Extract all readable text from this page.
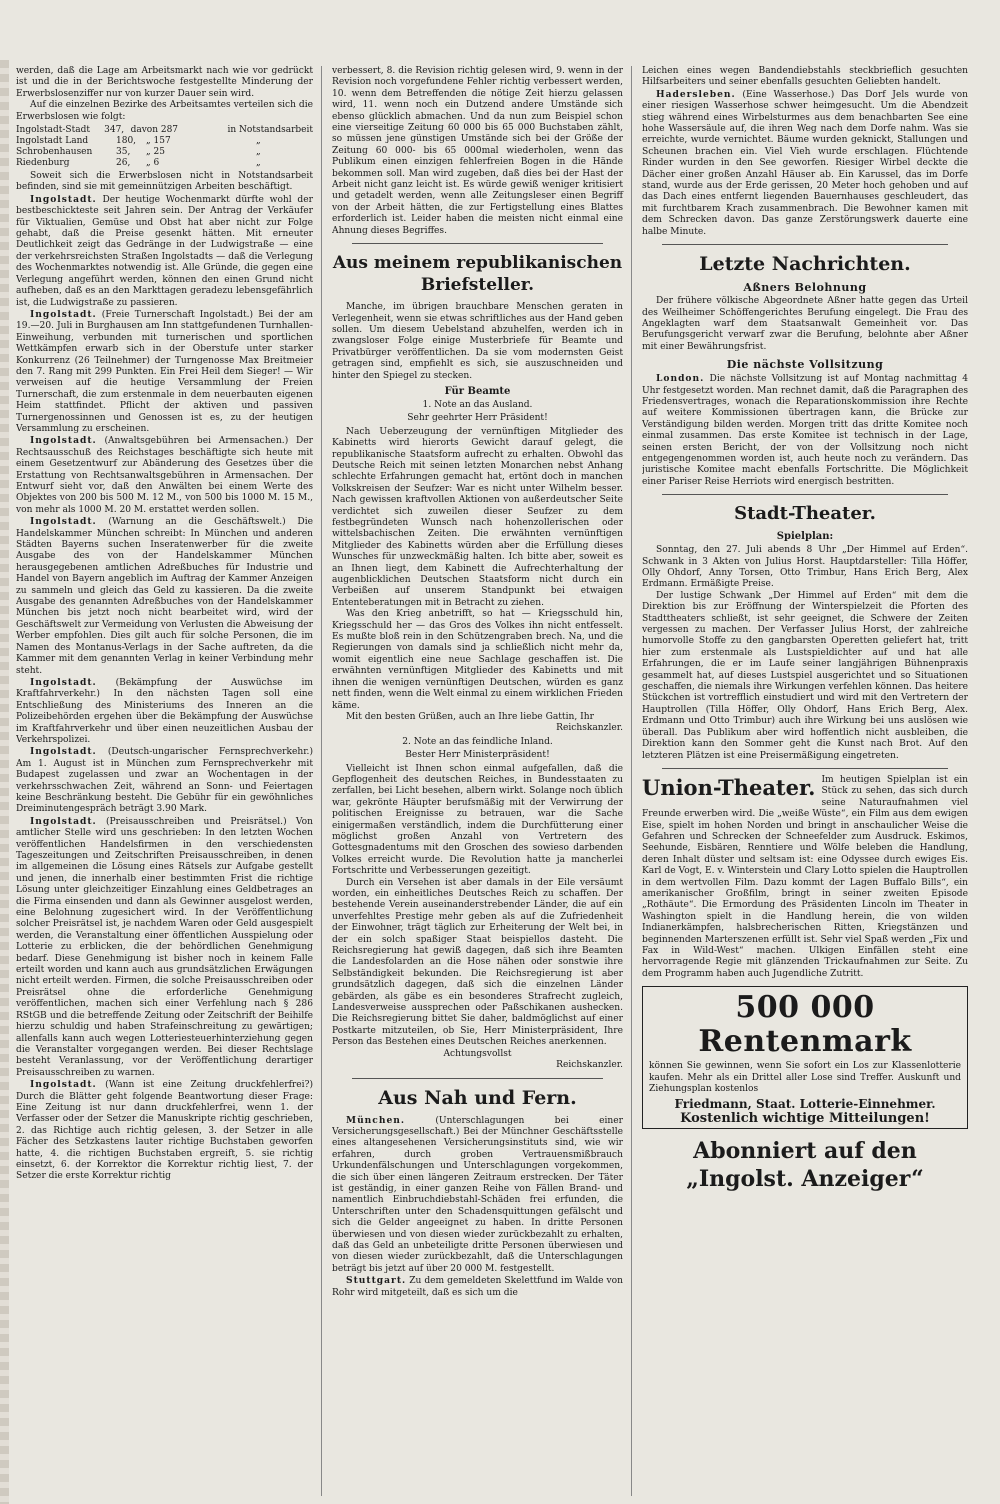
werden, daß die Lage am Arbeitsmarkt nach wie vor gedrückt ist und die in der Berichtswoche festgestellte Minderung der Erwerbslosenziffer nur von kurzer Dauer sein wird.

Auf die einzelnen Bezirke des Arbeitsamtes verteilen sich die Erwerbslosen wie folgt:

Ingolstadt-Stadt	347, davon 287	in Notstandsarbeit
Ingolstadt Land	180,	„ 157	„
Schrobenhausen	35,	„ 25	„
Riedenburg	26,	„ 6	„

Soweit sich die Erwerbslosen nicht in Notstandsarbeit befinden, sind sie mit gemeinnützigen Arbeiten beschäftigt.

Ingolstadt. Der heutige Wochenmarkt dürfte wohl der bestbeschickteste seit Jahren sein. Der Antrag der Verkäufer für Viktualien, Gemüse und Obst hat aber nicht zur Folge gehabt, daß die Preise gesenkt hätten. Mit erneuter Deutlichkeit zeigt das Gedränge in der Ludwigstraße — eine der verkehrsreichsten Straßen Ingolstadts — daß die Verlegung des Wochenmarktes notwendig ist. Alle Gründe, die gegen eine Verlegung angeführt werden, können den einen Grund nicht aufheben, daß es an den Markttagen geradezu lebensgefährlich ist, die Ludwigstraße zu passieren.

Ingolstadt. (Freie Turnerschaft Ingolstadt.) Bei der am 19.—20. Juli in Burghausen am Inn stattgefundenen Turnhallen-Einweihung, verbunden mit turnerischen und sportlichen Wettkämpfen erwarb sich in der Oberstufe unter starker Konkurrenz (26 Teilnehmer) der Turngenosse Max Breitmeier den 7. Rang mit 299 Punkten. Ein Frei Heil dem Sieger! — Wir verweisen auf die heutige Versammlung der Freien Turnerschaft, die zum erstenmale in dem neuerbauten eigenen Heim stattfindet. Pflicht der aktiven und passiven Turnergenossinnen und Genossen ist es, zu der heutigen Versammlung zu erscheinen.

Ingolstadt. (Anwaltsgebühren bei Armensachen.) Der Rechtsausschuß des Reichstages beschäftigte sich heute mit einem Gesetzentwurf zur Abänderung des Gesetzes über die Erstattung von Rechtsanwaltsgebühren in Armensachen. Der Entwurf sieht vor, daß den Anwälten bei einem Werte des Objektes von 200 bis 500 M. 12 M., von 500 bis 1000 M. 15 M., von mehr als 1000 M. 20 M. erstattet werden sollen.

Ingolstadt. (Warnung an die Geschäftswelt.) Die Handelskammer München schreibt: In München und anderen Städten Bayerns suchen Inseratenwerber für die zweite Ausgabe des von der Handelskammer München herausgegebenen amtlichen Adreßbuches für Industrie und Handel von Bayern angeblich im Auftrag der Kammer Anzeigen zu sammeln und gleich das Geld zu kassieren. Da die zweite Ausgabe des genannten Adreßbuches von der Handelskammer München bis jetzt noch nicht bearbeitet wird, wird der Geschäftswelt zur Vermeidung von Verlusten die Abweisung der Werber empfohlen. Dies gilt auch für solche Personen, die im Namen des Montanus-Verlags in der Sache auftreten, da die Kammer mit dem genannten Verlag in keiner Verbindung mehr steht.

Ingolstadt. (Bekämpfung der Auswüchse im Kraftfahrverkehr.) In den nächsten Tagen soll eine Entschließung des Ministeriums des Inneren an die Polizeibehörden ergehen über die Bekämpfung der Auswüchse im Kraftfahrverkehr und über einen neuzeitlichen Ausbau der Verkehrspolizei.

Ingolstadt. (Deutsch-ungarischer Fernsprechverkehr.) Am 1. August ist in München zum Fernsprechverkehr mit Budapest zugelassen und zwar an Wochentagen in der verkehrsschwachen Zeit, während an Sonn- und Feiertagen keine Beschränkung besteht. Die Gebühr für ein gewöhnliches Dreiminutengespräch beträgt 3.90 Mark.

Ingolstadt. (Preisausschreiben und Preisrätsel.) Von amtlicher Stelle wird uns geschrieben: In den letzten Wochen veröffentlichen Handelsfirmen in den verschiedensten Tageszeitungen und Zeitschriften Preisausschreiben, in denen im allgemeinen die Lösung eines Rätsels zur Aufgabe gestellt und jenen, die innerhalb einer bestimmten Frist die richtige Lösung unter gleichzeitiger Einzahlung eines Geldbetrages an die Firma einsenden und dann als Gewinner ausgelost werden, eine Belohnung zugesichert wird. In der Veröffentlichung solcher Preisrätsel ist, je nachdem Waren oder Geld ausgespielt werden, die Veranstaltung einer öffentlichen Ausspielung oder Lotterie zu erblicken, die der behördlichen Genehmigung bedarf. Diese Genehmigung ist bisher noch in keinem Falle erteilt worden und kann auch aus grundsätzlichen Erwägungen nicht erteilt werden. Firmen, die solche Preisausschreiben oder Preisrätsel ohne die erforderliche Genehmigung veröffentlichen, machen sich einer Verfehlung nach § 286 RStGB und die betreffende Zeitung oder Zeitschrift der Beihilfe hierzu schuldig und haben Strafeinschreitung zu gewärtigen; allenfalls kann auch wegen Lotteriesteuerhinterziehung gegen die Veranstalter vorgegangen werden. Bei dieser Rechtslage besteht Veranlassung, vor der Veröffentlichung derartiger Preisausschreiben zu warnen.

Ingolstadt. (Wann ist eine Zeitung druckfehlerfrei?) Durch die Blätter geht folgende Beantwortung dieser Frage: Eine Zeitung ist nur dann druckfehlerfrei, wenn 1. der Verfasser oder der Setzer die Manuskripte richtig geschrieben, 2. das Richtige auch richtig gelesen, 3. der Setzer in alle Fächer des Setzkastens lauter richtige Buchstaben geworfen hatte, 4. die richtigen Buchstaben ergreift, 5. sie richtig einsetzt, 6. der Korrektor die Korrektur richtig liest, 7. der Setzer die erste Korrektur richtig

verbessert, 8. die Revision richtig gelesen wird, 9. wenn in der Revision noch vorgefundene Fehler richtig verbessert werden, 10. wenn dem Betreffenden die nötige Zeit hierzu gelassen wird, 11. wenn noch ein Dutzend andere Umstände sich ebenso glücklich abmachen. Und da nun zum Beispiel schon eine vierseitige Zeitung 60 000 bis 65 000 Buchstaben zählt, so müssen jene günstigen Umstände sich bei der Größe der Zeitung 60 000- bis 65 000mal wiederholen, wenn das Publikum einen einzigen fehlerfreien Bogen in die Hände bekommen soll. Man wird zugeben, daß dies bei der Hast der Arbeit nicht ganz leicht ist. Es würde gewiß weniger kritisiert und getadelt werden, wenn alle Zeitungsleser einen Begriff von der Arbeit hätten, die zur Fertigstellung eines Blattes erforderlich ist. Leider haben die meisten nicht einmal eine Ahnung dieses Begriffes.

Aus meinem republikanischen Briefsteller.

Manche, im übrigen brauchbare Menschen geraten in Verlegenheit, wenn sie etwas schriftliches aus der Hand geben sollen. Um diesem Uebelstand abzuhelfen, werden ich in zwangsloser Folge einige Musterbriefe für Beamte und Privatbürger veröffentlichen. Da sie vom modernsten Geist getragen sind, empfiehlt es sich, sie auszuschneiden und hinter den Spiegel zu stecken.

Für Beamte

1. Note an das Ausland.

Sehr geehrter Herr Präsident!

Nach Ueberzeugung der vernünftigen Mitglieder des Kabinetts wird hierorts Gewicht darauf gelegt, die republikanische Staatsform aufrecht zu erhalten. Obwohl das Deutsche Reich mit seinen letzten Monarchen nebst Anhang schlechte Erfahrungen gemacht hat, ertönt doch in manchen Volkskreisen der Seufzer: War es nicht unter Wilhelm besser. Nach gewissen kraftvollen Aktionen von außerdeutscher Seite verdichtet sich zuweilen dieser Seufzer zu dem festbegründeten Wunsch nach hohenzollerischen oder wittelsbachischen Zeiten. Die erwähnten vernünftigen Mitglieder des Kabinetts würden aber die Erfüllung dieses Wunsches für unzweckmäßig halten. Ich bitte aber, soweit es an Ihnen liegt, dem Kabinett die Aufrechterhaltung der augenblicklichen Deutschen Staatsform nicht durch ein Verbeißen auf unserem Standpunkt bei etwaigen Ententeberatungen mit in Betracht zu ziehen.

Was den Krieg anbetrifft, so hat — Kriegsschuld hin, Kriegsschuld her — das Gros des Volkes ihn nicht entfesselt. Es mußte bloß rein in den Schützengraben brech. Na, und die Regierungen von damals sind ja schließlich nicht mehr da, womit eigentlich eine neue Sachlage geschaffen ist. Die erwähnten vernünftigen Mitglieder des Kabinetts und mit ihnen die wenigen vernünftigen Deutschen, würden es ganz nett finden, wenn die Welt einmal zu einem wirklichen Frieden käme.

Mit den besten Grüßen, auch an Ihre liebe Gattin, Ihr

Reichskanzler.

2. Note an das feindliche Inland.

Bester Herr Ministerpräsident!

Vielleicht ist Ihnen schon einmal aufgefallen, daß die Gepflogenheit des deutschen Reiches, in Bundesstaaten zu zerfallen, bei Licht besehen, albern wirkt. Solange noch üblich war, gekrönte Häupter berufsmäßig mit der Verwirrung der politischen Ereignisse zu betrauen, war die Sache einigermaßen verständlich, indem die Durchfütterung einer möglichst großen Anzahl von Vertretern des Gottesgnadentums mit den Groschen des sowieso darbenden Volkes erreicht wurde. Die Revolution hatte ja mancherlei Fortschritte und Verbesserungen gezeitigt.

Durch ein Versehen ist aber damals in der Eile versäumt worden, ein einheitliches Deutsches Reich zu schaffen. Der bestehende Verein auseinanderstrebender Länder, die auf ein unverfehltes Prestige mehr geben als auf die Zufriedenheit der Einwohner, trägt täglich zur Erheiterung der Welt bei, in der ein solch spaßiger Staat beispiellos dasteht. Die Reichsregierung hat gewiß dagegen, daß sich ihre Beamten die Landesfolarden an die Hose nähen oder sonstwie ihre Selbständigkeit bekunden. Die Reichsregierung ist aber grundsätzlich dagegen, daß sich die einzelnen Länder gebärden, als gäbe es ein besonderes Strafrecht zugleich, Landesverweise aussprechen oder Paßschikanen aushecken. Die Reichsregierung bittet Sie daher, baldmöglichst auf einer Postkarte mitzuteilen, ob Sie, Herr Ministerpräsident, Ihre Person das Bestehen eines Deutschen Reiches anerkennen.

Achtungsvollst

Reichskanzler.

Aus Nah und Fern.

München.	(Unterschlagungen bei einer Versicherungsgesellschaft.) Bei der Münchner Geschäftsstelle eines altangesehenen Versicherungsinstituts sind, wie wir erfahren, durch groben Vertrauensmißbrauch Urkundenfälschungen und Unterschlagungen vorgekommen, die sich über einen längeren Zeitraum erstrecken. Der Täter ist geständig, in einer ganzen Reihe von Fällen Brand- und namentlich Einbruchdiebstahl-Schäden frei erfunden, die Unterschriften unter den Schadensquittungen gefälscht und sich die Gelder angeeignet zu haben. In dritte Personen überwiesen und von diesen wieder zurückbezahlt zu erhalten, daß das Geld an unbeteiligte dritte Personen überwiesen und von diesen wieder zurückbezahlt, daß die Unterschlagungen beträgt bis jetzt auf über 20 000 M. festgestellt.

Stuttgart. Zu dem gemeldeten Skelettfund im Walde von Rohr wird mitgeteilt, daß es sich um die

Leichen eines wegen Bandendiebstahls steckbrieflich gesuchten Hilfsarbeiters und seiner ebenfalls gesuchten Geliebten handelt.

Hadersleben. (Eine Wasserhose.) Das Dorf Jels wurde von einer riesigen Wasserhose schwer heimgesucht. Um die Abendzeit stieg während eines Wirbelsturmes aus dem benachbarten See eine hohe Wassersäule auf, die ihren Weg nach dem Dorfe nahm. Was sie erreichte, wurde vernichtet. Bäume wurden geknickt, Stallungen und Scheunen brachen ein. Viel Vieh wurde erschlagen. Flüchtende Rinder wurden in den See geworfen. Riesiger Wirbel deckte die Dächer einer großen Anzahl Häuser ab. Ein Karussel, das im Dorfe stand, wurde aus der Erde gerissen, 20 Meter hoch gehoben und auf das Dach eines entfernt liegenden Bauernhauses geschleudert, das mit furchtbarem Krach zusammenbrach. Die Bewohner kamen mit dem Schrecken davon. Das ganze Zerstörungswerk dauerte eine halbe Minute.

Letzte Nachrichten.
Aßners Belohnung

Der frühere völkische Abgeordnete Aßner hatte gegen das Urteil des Weilheimer Schöffengerichtes Berufung eingelegt. Die Frau des Angeklagten warf dem Staatsanwalt Gemeinheit vor. Das Berufungsgericht verwarf zwar die Berufung, belohnte aber Aßner mit einer Bewährungsfrist.

Die nächste Vollsitzung

London. Die nächste Vollsitzung ist auf Montag nachmittag 4 Uhr festgesetzt worden. Man rechnet damit, daß die Paragraphen des Friedensvertrages, wonach die Reparationskommission ihre Rechte auf weitere Kommissionen übertragen kann, die Brücke zur Verständigung bilden werden. Morgen tritt das dritte Komitee noch einmal zusammen. Das erste Komitee ist technisch in der Lage, seinen ersten Bericht, der von der Vollsitzung noch nicht entgegengenommen worden ist, auch heute noch zu verändern. Das juristische Komitee macht ebenfalls Fortschritte. Die Möglichkeit einer Pariser Reise Herriots wird energisch bestritten.

Stadt-Theater.
Spielplan:

Sonntag, den 27. Juli abends 8 Uhr „Der Himmel auf Erden“. Schwank in 3 Akten von Julius Horst. Hauptdarsteller: Tilla Höffer, Olly Ohdorf, Anny Torsen, Otto Trimbur, Hans Erich Berg, Alex Erdmann. Ermäßigte Preise.

Der lustige Schwank „Der Himmel auf Erden“ mit dem die Direktion bis zur Eröffnung der Winterspielzeit die Pforten des Stadttheaters schließt, ist sehr geeignet, die Schwere der Zeiten vergessen zu machen. Der Verfasser Julius Horst, der zahlreiche humorvolle Stoffe zu den gangbarsten Operetten geliefert hat, tritt hier zum erstenmale als Lustspieldichter auf und hat alle Erfahrungen, die er im Laufe seiner langjährigen Bühnenpraxis gesammelt hat, auf dieses Lustspiel ausgerichtet und so Situationen geschaffen, die niemals ihre Wirkungen verfehlen können. Das heitere Stückchen ist vortrefflich einstudiert und wird mit den Vertretern der Hauptrollen (Tilla Höffer, Olly Ohdorf, Hans Erich Berg, Alex. Erdmann und Otto Trimbur) auch ihre Wirkung bei uns auslösen wie überall. Das Publikum aber wird hoffentlich nicht ausbleiben, die Direktion kann den Sommer geht die Kunst nach Brot. Auf den letzteren Plätzen ist eine Preisermäßigung eingetreten.

Union-Theater. Im heutigen Spielplan ist ein Stück zu sehen, das sich durch seine Naturaufnahmen viel Freunde erwerben wird. Die „weiße Wüste“, ein Film aus dem ewigen Eise, spielt im hohen Norden und bringt in anschaulicher Weise die Gefahren und Schrecken der Schneefelder zum Ausdruck. Eskimos, Seehunde, Eisbären, Renntiere und Wölfe beleben die Handlung, deren Inhalt düster und seltsam ist: eine Odyssee durch ewiges Eis. Karl de Vogt, E. v. Winterstein und Clary Lotto spielen die Hauptrollen in dem wertvollen Film. Dazu kommt der Lagen Buffalo Bills“, ein amerikanischer Großfilm, bringt in seiner zweiten Episode „Rothäute“. Die Ermordung des Präsidenten Lincoln im Theater in Washington spielt in die Handlung herein, die von wilden Indianerkämpfen, halsbrecherischen Ritten, Kriegstänzen und beginnenden Marterszenen erfüllt ist. Sehr viel Spaß werden „Fix und Fax in Wild-West“ machen. Ulkigen Einfällen steht eine hervorragende Regie mit glänzenden Trickaufnahmen zur Seite. Zu dem Programm haben auch Jugendliche Zutritt.

500 000 Rentenmark
können Sie gewinnen, wenn Sie sofort ein Los zur Klassenlotterie kaufen. Mehr als ein Drittel aller Lose sind Treffer. Auskunft und Ziehungsplan kostenlos
Friedmann, Staat. Lotterie-Einnehmer.
Kostenlich wichtige Mitteilungen!
Abonniert auf den
„Ingolst. Anzeiger“
